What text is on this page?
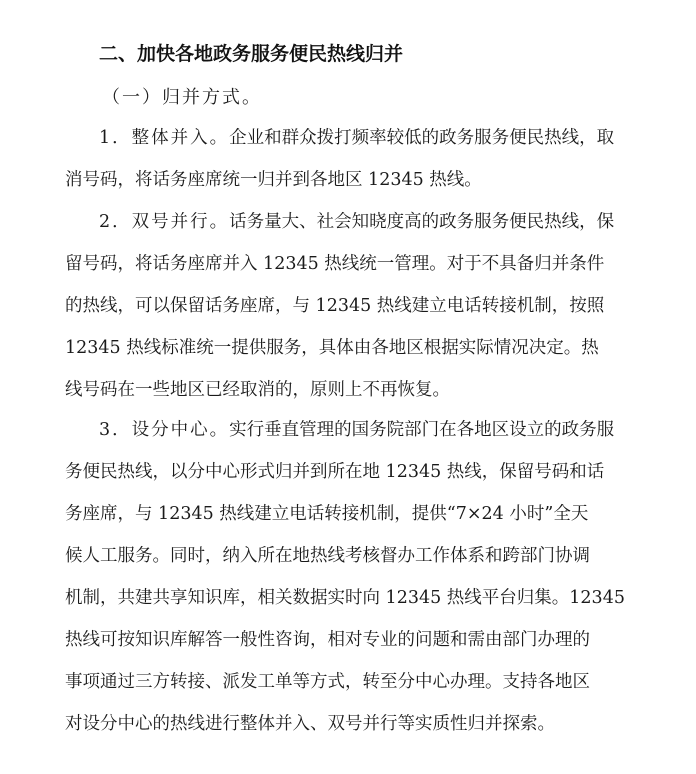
二、加快各地政务服务便民热线归并
（一）归并方式。
1．整体并入。企业和群众拨打频率较低的政务服务便民热线，取
消号码，将话务座席统一归并到各地区 12345 热线。
2．双号并行。话务量大、社会知晓度高的政务服务便民热线，保
留号码，将话务座席并入 12345 热线统一管理。对于不具备归并条件
的热线，可以保留话务座席，与 12345 热线建立电话转接机制，按照
12345 热线标准统一提供服务，具体由各地区根据实际情况决定。热
线号码在一些地区已经取消的，原则上不再恢复。
3．设分中心。实行垂直管理的国务院部门在各地区设立的政务服
务便民热线，以分中心形式归并到所在地 12345 热线，保留号码和话
务座席，与 12345 热线建立电话转接机制，提供“7×24 小时”全天
候人工服务。同时，纳入所在地热线考核督办工作体系和跨部门协调
机制，共建共享知识库，相关数据实时向 12345 热线平台归集。12345
热线可按知识库解答一般性咨询，相对专业的问题和需由部门办理的
事项通过三方转接、派发工单等方式，转至分中心办理。支持各地区
对设分中心的热线进行整体并入、双号并行等实质性归并探索。
